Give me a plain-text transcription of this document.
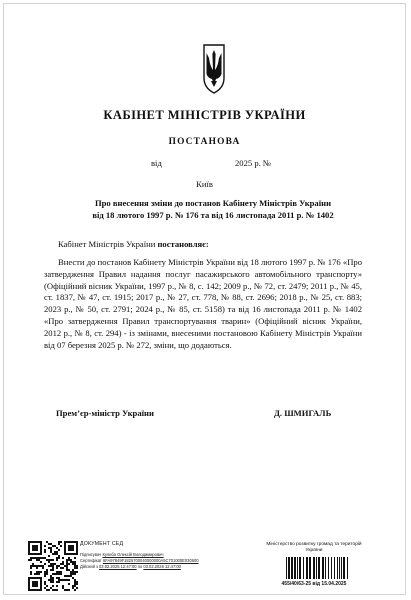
КАБІНЕТ МІНІСТРІВ УКРАЇНИ
ПОСТАНОВА
від	2025 р. №
Київ
Про внесення зміни до постанов Кабінету Міністрів України
від 18 лютого 1997 р. № 176 та від 16 листопада 2011 р. № 1402
Кабінет Міністрів України постановляє:
Внести до постанов Кабінету Міністрів України від 18 лютого 1997 р. № 176 «Про затвердження Правил надання послуг пасажирського автомобільного транспорту» (Офіційний вісник України, 1997 р., № 8, с. 142; 2009 р., № 72, ст. 2479; 2011 р., № 45, ст. 1837, № 47, ст. 1915; 2017 р., № 27, ст. 778, № 88, ст. 2696; 2018 р., № 25, ст. 883; 2023 р., № 50, ст. 2791; 2024 р., № 85, ст. 5158) та від 16 листопада 2011 р. № 1402 «Про затвердження Правил транспортування тварин» (Офіційний вісник України, 2012 р., № 8, ст. 294) - із змінами, внесеними постановою Кабінету Міністрів України від 07 березня 2025 р. № 272, зміни, що додаються.
Прем’єр-міністр України	Д. ШМИГАЛЬ
ДОКУМЕНТ СЕД
Підписувач Кулеба Олексій Володимирович
Сертифікат 6FA97849F1825700040000000A5C701000E030600
Дійсний з 03.02.2025 12:47:00 по 03.02.2026 12:47:00
Міністерство розвитку громад та територій України
455/40/63-25 від 15.04.2025
